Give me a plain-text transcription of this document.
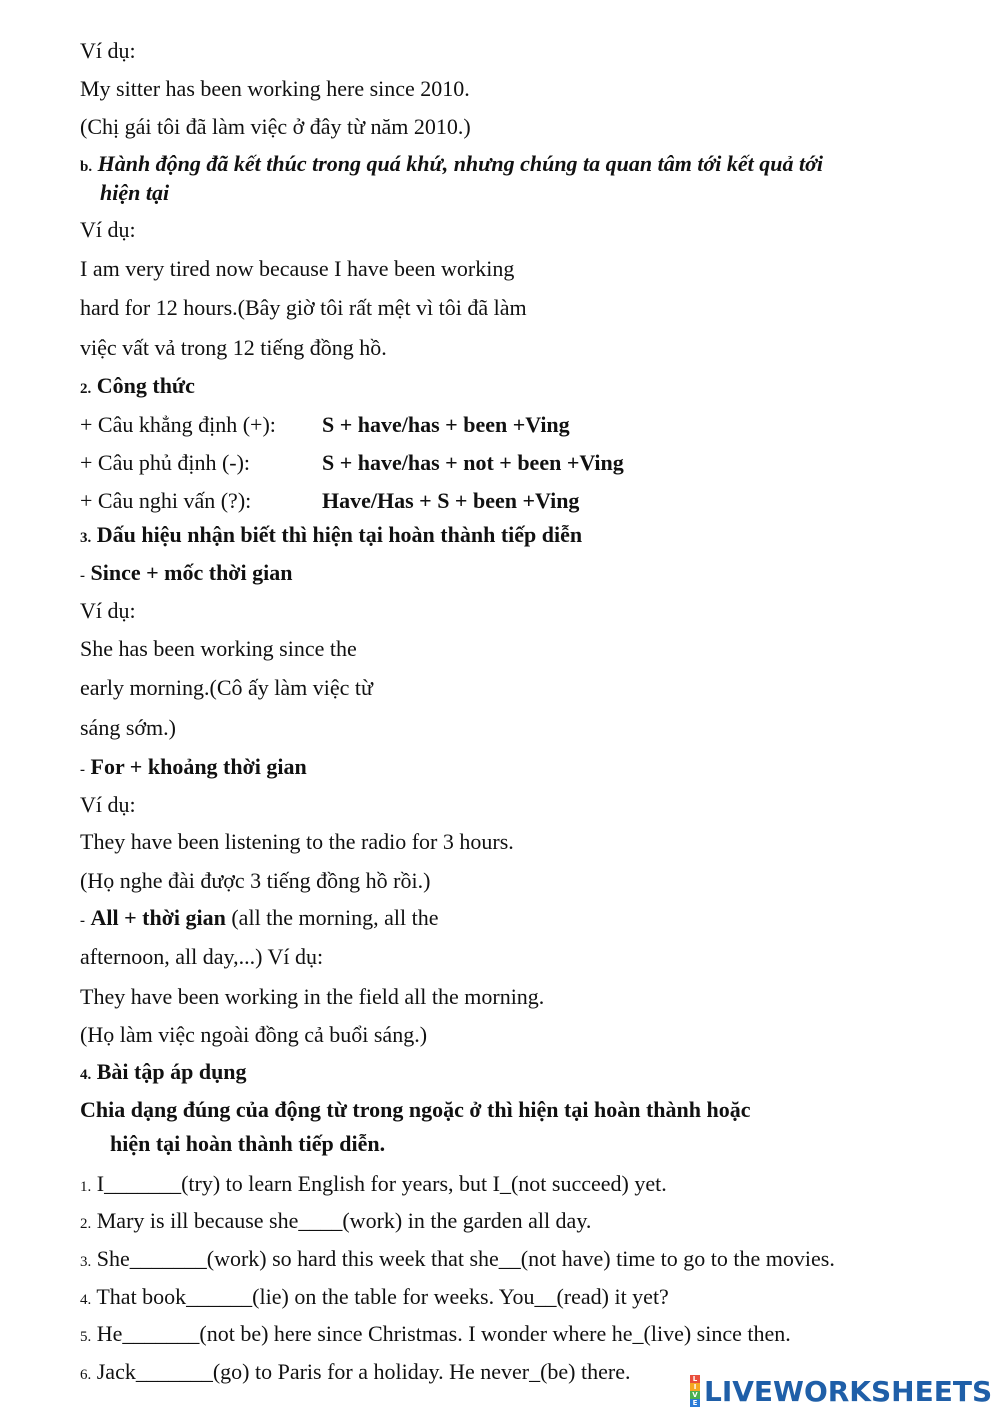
Ví dụ:
My sitter has been working here since 2010.
(Chị gái tôi đã làm việc ở đây từ năm 2010.)
b. Hành động đã kết thúc trong quá khứ, nhưng chúng ta quan tâm tới kết quả tới
hiện tại
Ví dụ:
I am very tired now because I have been working
hard for 12 hours.(Bây giờ tôi rất mệt vì tôi đã làm
việc vất vả trong 12 tiếng đồng hồ.
2. Công thức
+ Câu khẳng định (+): S + have/has + been +Ving
+ Câu phủ định (-):	S + have/has + not + been +Ving
+ Câu nghi vấn (?):	Have/Has + S + been +Ving
3. Dấu hiệu nhận biết thì hiện tại hoàn thành tiếp diễn
- Since + mốc thời gian
Ví dụ:
She has been working since the
early morning.(Cô ấy làm việc từ
sáng sớm.)
- For + khoảng thời gian
Ví dụ:
They have been listening to the radio for 3 hours.
(Họ nghe đài được 3 tiếng đồng hồ rồi.)
- All + thời gian (all the morning, all the
afternoon, all day,...) Ví dụ:
They have been working in the field all the morning.
(Họ làm việc ngoài đồng cả buổi sáng.)
4. Bài tập áp dụng
Chia dạng đúng của động từ trong ngoặc ở thì hiện tại hoàn thành hoặc
hiện tại hoàn thành tiếp diễn.
1. I_______(try) to learn English for years, but I_(not succeed) yet.
2. Mary is ill because she____(work) in the garden all day.
3. She_______(work) so hard this week that she__(not have) time to go to the movies.
4. That book______(lie) on the table for weeks. You__(read) it yet?
5. He_______(not be) here since Christmas. I wonder where he_(live) since then.
6. Jack_______(go) to Paris for a holiday. He never_(be) there.	L
I
V
E LIVEWORKSHEETS
